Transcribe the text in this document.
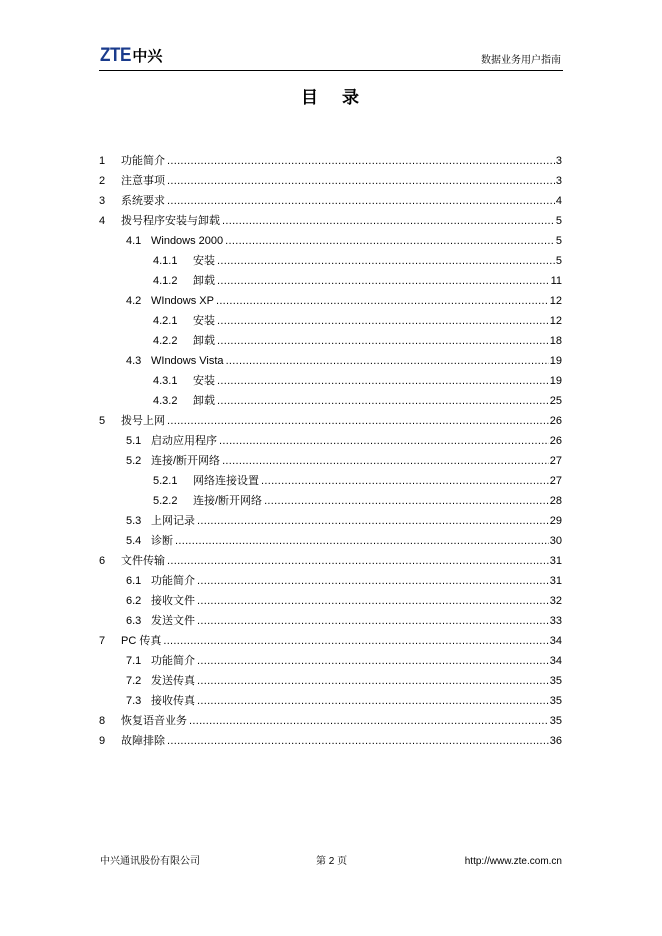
ZTE 中兴	数据业务用户指南
目 录
1	功能简介 .....	3
2	注意事项 .....	3
3	系统要求 .....	4
4	拨号程序安装与卸载 .....	5
4.1 Windows 2000 .....	5
4.1.1	安装 .....	5
4.1.2	卸载 .....	11
4.2 WIndows XP .....	12
4.2.1	安装 .....	12
4.2.2	卸载 .....	18
4.3 WIndows Vista .....	19
4.3.1	安装 .....	19
4.3.2	卸载 .....	25
5	拨号上网 .....	26
5.1 启动应用程序 .....	26
5.2 连接/断开网络 .....	27
5.2.1	网络连接设置 .....	27
5.2.2	连接/断开网络 .....	28
5.3 上网记录 .....	29
5.4 诊断 .....	30
6	文件传输 .....	31
6.1 功能简介 .....	31
6.2 接收文件 .....	32
6.3 发送文件 .....	33
7	PC 传真 .....	34
7.1 功能简介 .....	34
7.2 发送传真 .....	35
7.3 接收传真 .....	35
8	恢复语音业务 .....	35
9	故障排除 .....	36
中兴通讯股份有限公司	第 2 页	http://www.zte.com.cn
